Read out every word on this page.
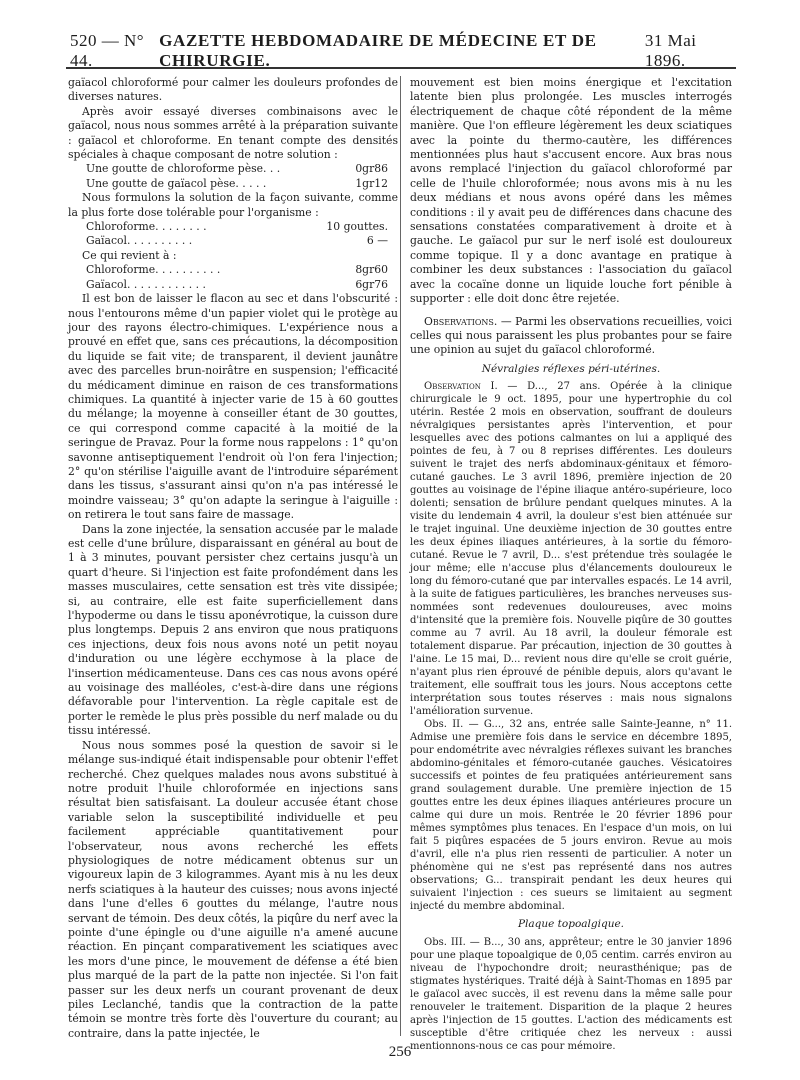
520 — N° 44.
GAZETTE HEBDOMADAIRE DE MÉDECINE ET DE CHIRURGIE.
31 Mai 1896.

gaïacol chloroformé pour calmer les douleurs profondes de diverses natures.

Après avoir essayé diverses combinaisons avec le gaïacol, nous nous sommes arrêté à la préparation suivante : gaïacol et chloroforme. En tenant compte des densités spéciales à chaque composant de notre solution :

Une goutte de chloroforme pèse. . .	0gr86
Une goutte de gaïacol pèse. . . . .	1gr12

Nous formulons la solution de la façon suivante, comme la plus forte dose tolérable pour l'organisme :

Chloroforme. . . . . . . .	10 gouttes.
Gaïacol. . . . . . . . . .	6 —

Ce qui revient à :

Chloroforme. . . . . . . . . .	8gr60
Gaïacol. . . . . . . . . . . .	6gr76

Il est bon de laisser le flacon au sec et dans l'obscurité : nous l'entourons même d'un papier violet qui le protège au jour des rayons électro-chimiques. L'expérience nous a prouvé en effet que, sans ces précautions, la décomposition du liquide se fait vite; de transparent, il devient jaunâtre avec des parcelles brun-noirâtre en suspension; l'efficacité du médicament diminue en raison de ces transformations chimiques. La quantité à injecter varie de 15 à 60 gouttes du mélange; la moyenne à conseiller étant de 30 gouttes, ce qui correspond comme capacité à la moitié de la seringue de Pravaz. Pour la forme nous rappelons : 1° qu'on savonne antiseptiquement l'endroit où l'on fera l'injection; 2° qu'on stérilise l'aiguille avant de l'introduire séparément dans les tissus, s'assurant ainsi qu'on n'a pas intéressé le moindre vaisseau; 3° qu'on adapte la seringue à l'aiguille : on retirera le tout sans faire de massage.

Dans la zone injectée, la sensation accusée par le malade est celle d'une brûlure, disparaissant en général au bout de 1 à 3 minutes, pouvant persister chez certains jusqu'à un quart d'heure. Si l'injection est faite profondément dans les masses musculaires, cette sensation est très vite dissipée; si, au contraire, elle est faite superficiellement dans l'hypoderme ou dans le tissu aponévrotique, la cuisson dure plus longtemps. Depuis 2 ans environ que nous pratiquons ces injections, deux fois nous avons noté un petit noyau d'induration ou une légère ecchymose à la place de l'insertion médicamenteuse. Dans ces cas nous avons opéré au voisinage des malléoles, c'est-à-dire dans une régions défavorable pour l'intervention. La règle capitale est de porter le remède le plus près possible du nerf malade ou du tissu intéressé.

Nous nous sommes posé la question de savoir si le mélange sus-indiqué était indispensable pour obtenir l'effet recherché. Chez quelques malades nous avons substitué à notre produit l'huile chloroformée en injections sans résultat bien satisfaisant. La douleur accusée étant chose variable selon la susceptibilité individuelle et peu facilement appréciable quantitativement pour l'observateur, nous avons recherché les effets physiologiques de notre médicament obtenus sur un vigoureux lapin de 3 kilogrammes. Ayant mis à nu les deux nerfs sciatiques à la hauteur des cuisses; nous avons injecté dans l'une d'elles 6 gouttes du mélange, l'autre nous servant de témoin. Des deux côtés, la piqûre du nerf avec la pointe d'une épingle ou d'une aiguille n'a amené aucune réaction. En pinçant comparativement les sciatiques avec les mors d'une pince, le mouvement de défense a été bien plus marqué de la part de la patte non injectée. Si l'on fait passer sur les deux nerfs un courant provenant de deux piles Leclanché, tandis que la contraction de la patte témoin se montre très forte dès l'ouverture du courant; au contraire, dans la patte injectée, le

mouvement est bien moins énergique et l'excitation latente bien plus prolongée. Les muscles interrogés électriquement de chaque côté répondent de la même manière. Que l'on effleure légèrement les deux sciatiques avec la pointe du thermo-cautère, les différences mentionnées plus haut s'accusent encore. Aux bras nous avons remplacé l'injection du gaïacol chloroformé par celle de l'huile chloroformée; nous avons mis à nu les deux médians et nous avons opéré dans les mêmes conditions : il y avait peu de différences dans chacune des sensations constatées comparativement à droite et à gauche. Le gaïacol pur sur le nerf isolé est douloureux comme topique. Il y a donc avantage en pratique à combiner les deux substances : l'association du gaïacol avec la cocaïne donne un liquide louche fort pénible à supporter : elle doit donc être rejetée.

Observations. — Parmi les observations recueillies, voici celles qui nous paraissent les plus probantes pour se faire une opinion au sujet du gaïacol chloroformé.

Névralgies réflexes péri-utérines.

Observation I. — D..., 27 ans. Opérée à la clinique chirurgicale le 9 oct. 1895, pour une hypertrophie du col utérin. Restée 2 mois en observation, souffrant de douleurs névralgiques persistantes après l'intervention, et pour lesquelles avec des potions calmantes on lui a appliqué des pointes de feu, à 7 ou 8 reprises différentes. Les douleurs suivent le trajet des nerfs abdominaux-génitaux et fémoro-cutané gauches. Le 3 avril 1896, première injection de 20 gouttes au voisinage de l'épine iliaque antéro-supérieure, loco dolenti; sensation de brûlure pendant quelques minutes. A la visite du lendemain 4 avril, la douleur s'est bien atténuée sur le trajet inguinal. Une deuxième injection de 30 gouttes entre les deux épines iliaques antérieures, à la sortie du fémoro-cutané. Revue le 7 avril, D... s'est prétendue très soulagée le jour même; elle n'accuse plus d'élancements douloureux le long du fémoro-cutané que par intervalles espacés. Le 14 avril, à la suite de fatigues particulières, les branches nerveuses sus-nommées sont redevenues douloureuses, avec moins d'intensité que la première fois. Nouvelle piqûre de 30 gouttes comme au 7 avril. Au 18 avril, la douleur fémorale est totalement disparue. Par précaution, injection de 30 gouttes à l'aine. Le 15 mai, D... revient nous dire qu'elle se croit guérie, n'ayant plus rien éprouvé de pénible depuis, alors qu'avant le traitement, elle souffrait tous les jours. Nous acceptons cette interprétation sous toutes réserves : mais nous signalons l'amélioration survenue.

Obs. II. — G..., 32 ans, entrée salle Sainte-Jeanne, n° 11. Admise une première fois dans le service en décembre 1895, pour endométrite avec névralgies réflexes suivant les branches abdomino-génitales et fémoro-cutanée gauches. Vésicatoires successifs et pointes de feu pratiquées antérieurement sans grand soulagement durable. Une première injection de 15 gouttes entre les deux épines iliaques antérieures procure un calme qui dure un mois. Rentrée le 20 février 1896 pour mêmes symptômes plus tenaces. En l'espace d'un mois, on lui fait 5 piqûres espacées de 5 jours environ. Revue au mois d'avril, elle n'a plus rien ressenti de particulier. A noter un phénomène qui ne s'est pas représenté dans nos autres observations; G... transpirait pendant les deux heures qui suivaient l'injection : ces sueurs se limitaient au segment injecté du membre abdominal.

Plaque topoalgique.

Obs. III. — B..., 30 ans, apprêteur; entre le 30 janvier 1896 pour une plaque topoalgique de 0,05 centim. carrés environ au niveau de l'hypochondre droit; neurasthénique; pas de stigmates hystériques. Traité déjà à Saint-Thomas en 1895 par le gaïacol avec succès, il est revenu dans la même salle pour renouveler le traitement. Disparition de la plaque 2 heures après l'injection de 15 gouttes. L'action des médicaments est susceptible d'être critiquée chez les nerveux : aussi mentionnons-nous ce cas pour mémoire.

256
